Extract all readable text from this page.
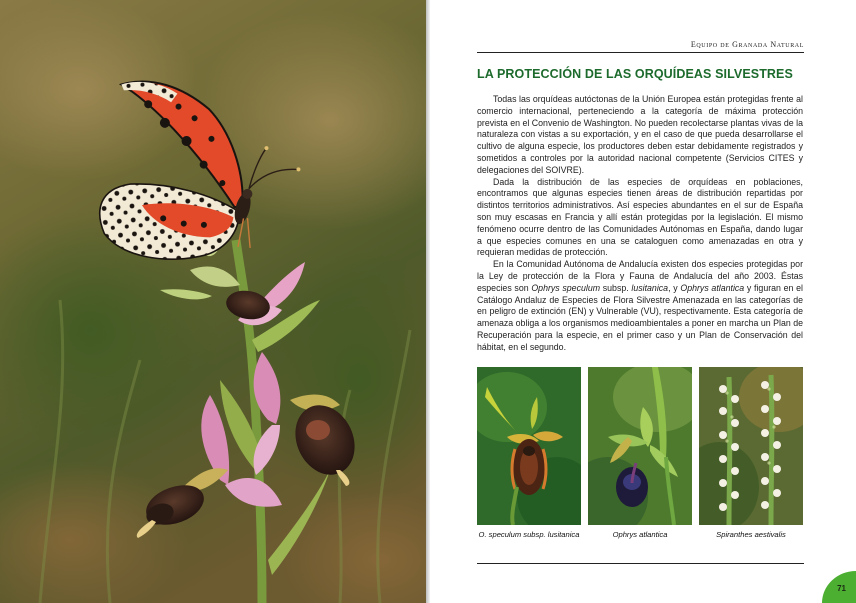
Equipo de Granada Natural
LA PROTECCIÓN DE LAS ORQUÍDEAS SILVESTRES

Todas las orquídeas autóctonas de la Unión Europea están protegidas frente al comercio internacional, perteneciendo a la categoría de máxima protección prevista en el Convenio de Washington. No pueden recolectarse plantas vivas de la naturaleza con vistas a su exportación, y en el caso de que pueda desarrollarse el cultivo de alguna especie, los productores deben estar debidamente registrados y sometidos a controles por la autoridad nacional competente (Servicios CITES y delegaciones del SOIVRE).

Dada la distribución de las especies de orquídeas en poblaciones, encontramos que algunas especies tienen áreas de distribución repartidas por distintos territorios administrativos. Así especies abundantes en el sur de España son muy escasas en Francia y allí están protegidas por la legislación. El mismo fenómeno ocurre dentro de las Comunidades Autónomas en España, dando lugar a que especies comunes en una se cataloguen como amenazadas en otra y requieran medidas de protección.

En la Comunidad Autónoma de Andalucía existen dos especies protegidas por la Ley de protección de la Flora y Fauna de Andalucía del año 2003. Éstas especies son Ophrys speculum subsp. lusitanica, y Ophrys atlantica y figuran en el Catálogo Andaluz de Especies de Flora Silvestre Amenazada en las categorías de en peligro de extinción (EN) y Vulnerable (VU), respectivamente. Esta categoría de amenaza obliga a los organismos medioambientales a poner en marcha un Plan de Recuperación para la especie, en el primer caso y un Plan de Conservación del hábitat, en el segundo.

O. speculum subsp. lusitanica	Ophrys atlantica	Spiranthes aestivalis
71
